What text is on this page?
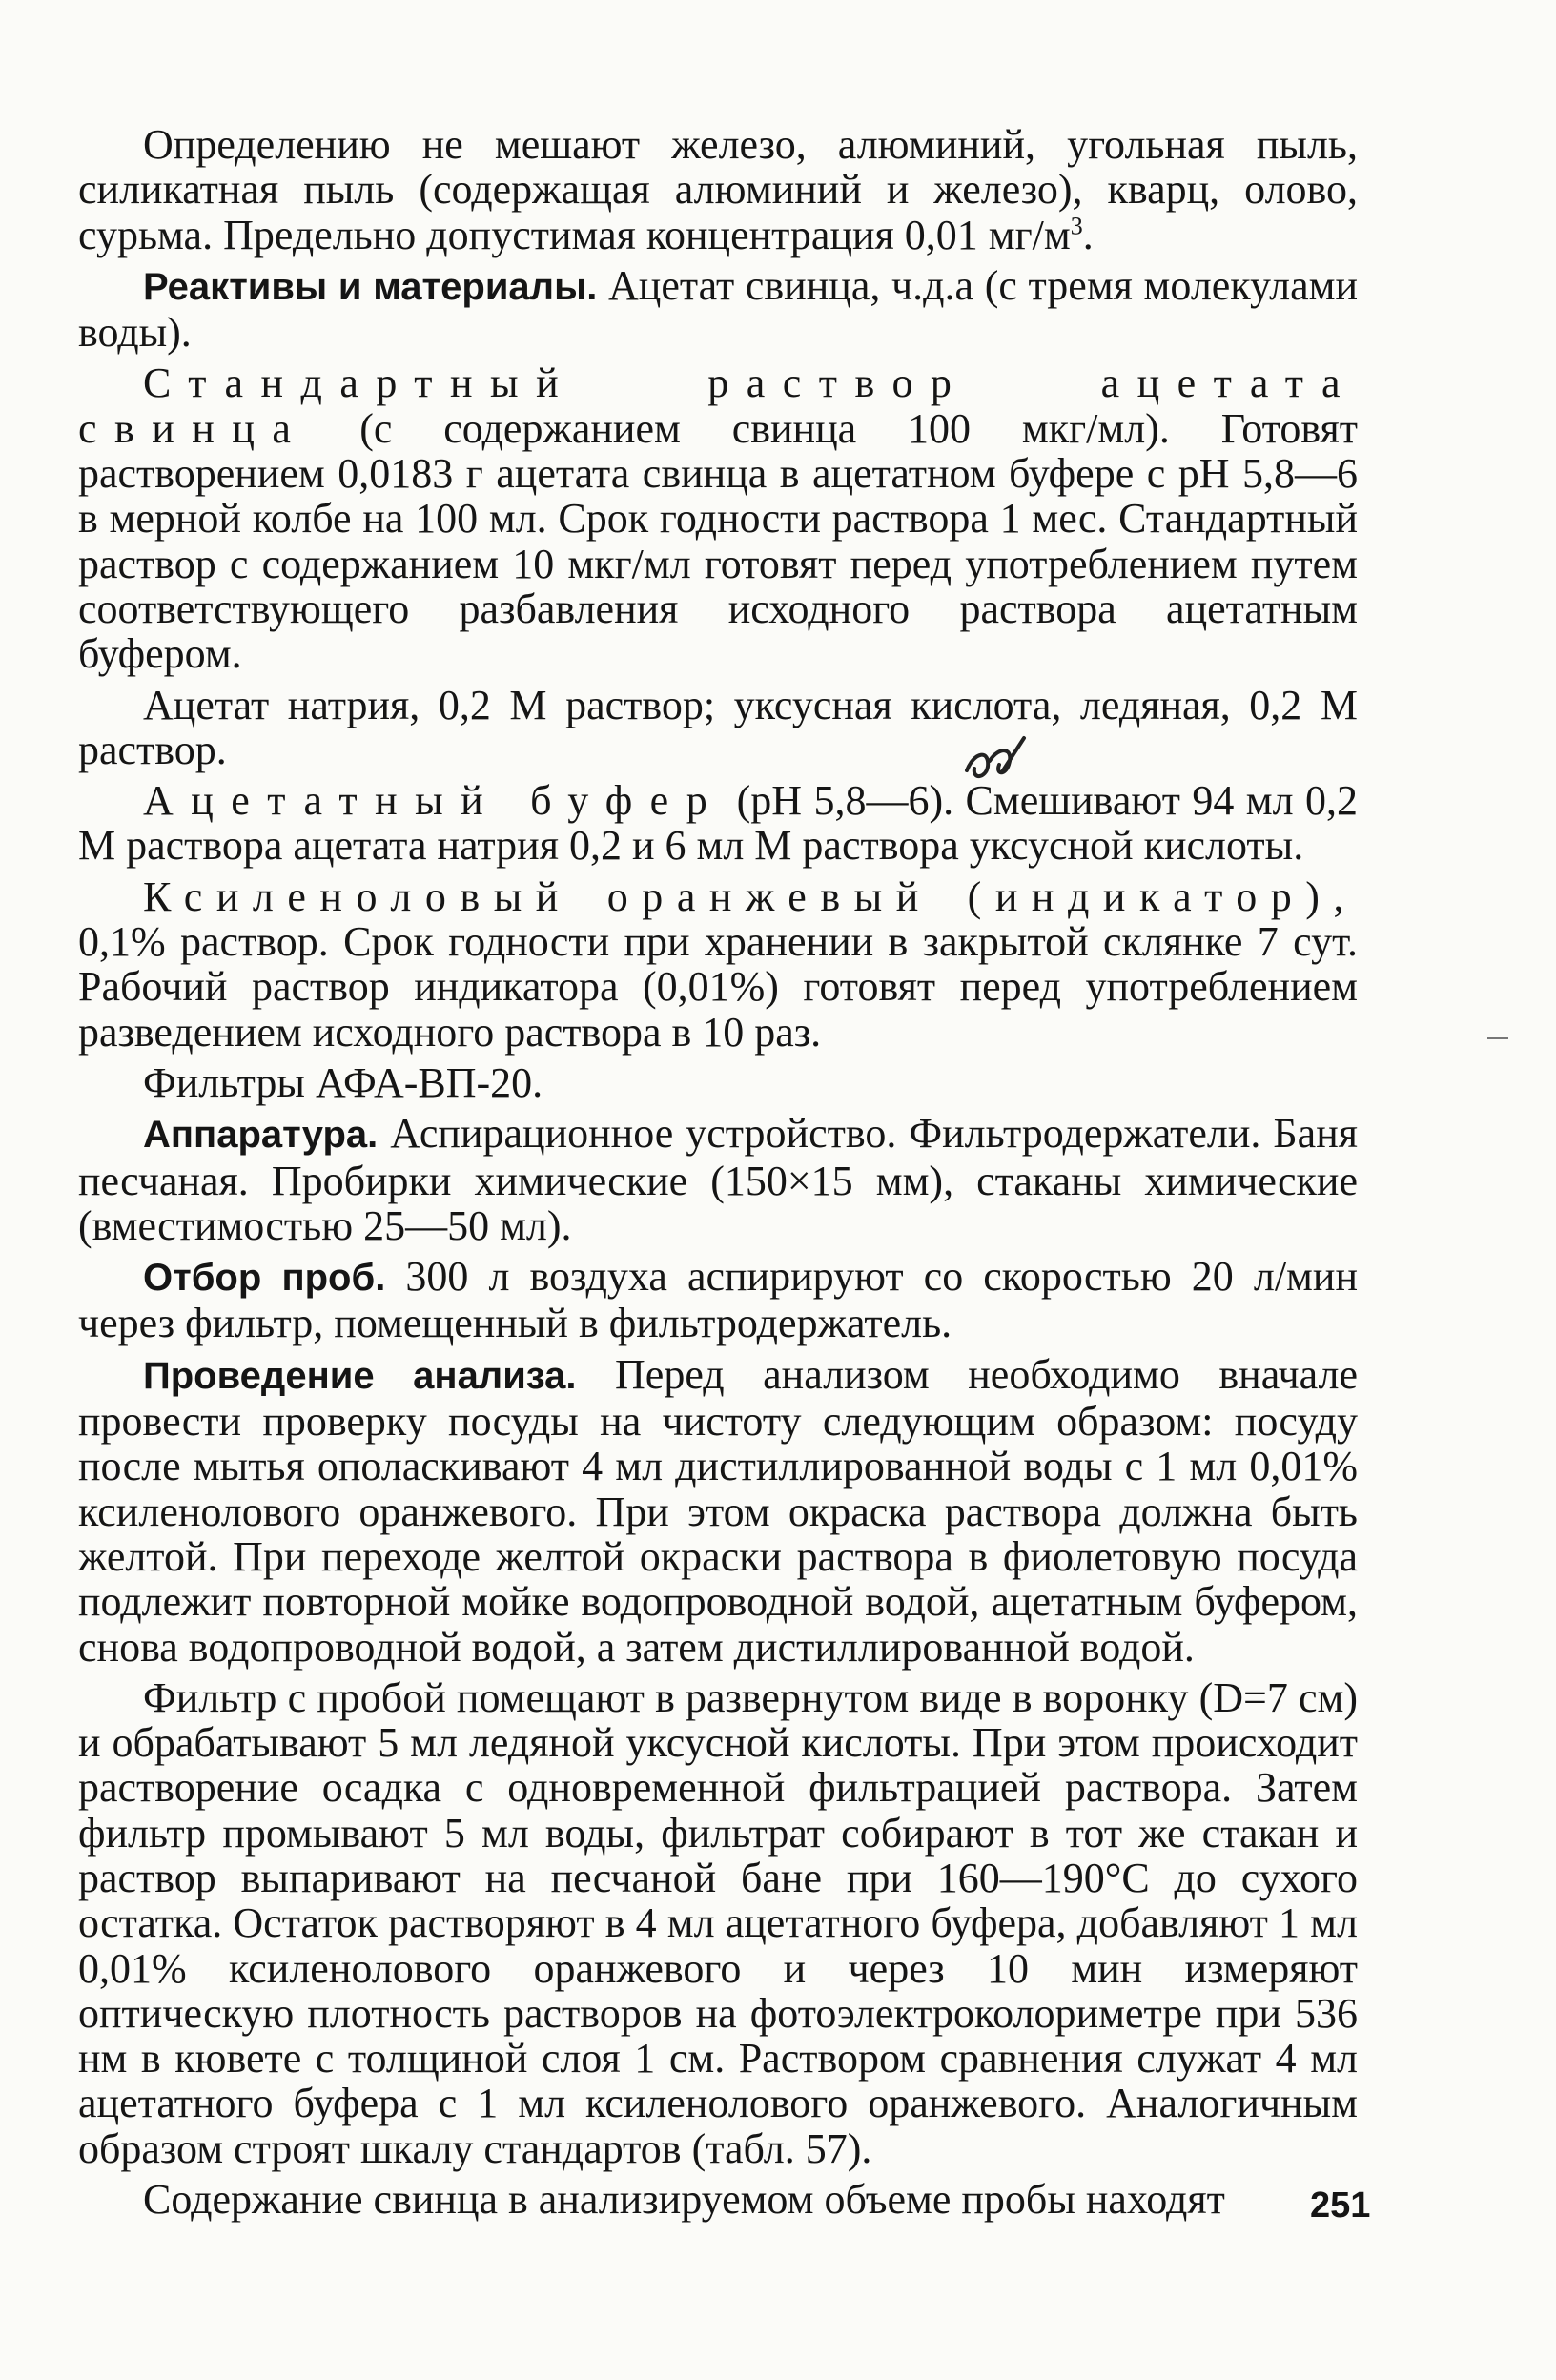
Определению не мешают железо, алюминий, угольная пыль, силикатная пыль (содержащая алюминий и железо), кварц, олово, сурьма. Предельно допустимая концентрация 0,01 $мг/м^3$.

Реактивы и материалы. Ацетат свинца, ч.д.а (с тремя молекулами воды).

Стандартный раствор ацетата свинца (с содержанием свинца 100 мкг/мл). Готовят растворением 0,0183 г ацетата свинца в ацетатном буфере с pH 5,8—6 в мерной колбе на 100 мл. Срок годности раствора 1 мес. Стандартный раствор с содержанием 10 мкг/мл готовят перед употреблением путем соответствующего разбавления исходного раствора ацетатным буфером.

Ацетат натрия, 0,2 М раствор; уксусная кислота, ледяная, 0,2 М раствор.

Ацетатный буфер (pH 5,8—6). Смешивают 94 мл 0,2 М раствора ацетата натрия 0,2 и 6 мл М раствора уксусной кислоты.

Ксиленоловый оранжевый (индикатор), 0,1% раствор. Срок годности при хранении в закрытой склянке 7 сут. Рабочий раствор индикатора (0,01%) готовят перед употреблением разведением исходного раствора в 10 раз.

Фильтры АФА-ВП-20.

Аппаратура. Аспирационное устройство. Фильтродержатели. Баня песчаная. Пробирки химические (150×15 мм), стаканы химические (вместимостью 25—50 мл).

Отбор проб. 300 л воздуха аспирируют со скоростью 20 л/мин через фильтр, помещенный в фильтродержатель.

Проведение анализа. Перед анализом необходимо вначале провести проверку посуды на чистоту следующим образом: посуду после мытья ополаскивают 4 мл дистиллированной воды с 1 мл 0,01% ксиленолового оранжевого. При этом окраска раствора должна быть желтой. При переходе желтой окраски раствора в фиолетовую посуда подлежит повторной мойке водопроводной водой, ацетатным буфером, снова водопроводной водой, а затем дистиллированной водой.

Фильтр с пробой помещают в развернутом виде в воронку (D=7 см) и обрабатывают 5 мл ледяной уксусной кислоты. При этом происходит растворение осадка с одновременной фильтрацией раствора. Затем фильтр промывают 5 мл воды, фильтрат собирают в тот же стакан и раствор выпаривают на песчаной бане при 160—190°С до сухого остатка. Остаток растворяют в 4 мл ацетатного буфера, добавляют 1 мл 0,01% ксиленолового оранжевого и через 10 мин измеряют оптическую плотность растворов на фотоэлектроколориметре при 536 нм в кювете с толщиной слоя 1 см. Раствором сравнения служат 4 мл ацетатного буфера с 1 мл ксиленолового оранжевого. Аналогичным образом строят шкалу стандартов (табл. 57).

Содержание свинца в анализируемом объеме пробы находят	251
